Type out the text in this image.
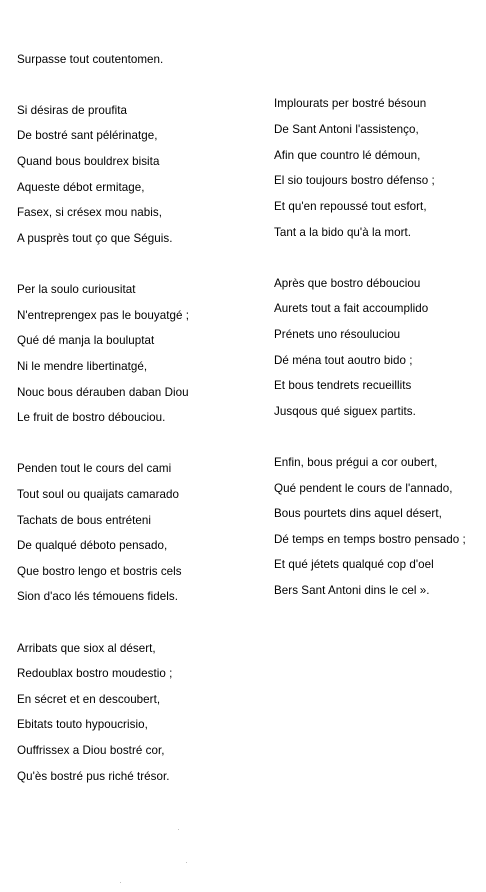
Surpasse tout coutentomen.
Si désiras de proufita
De bostré sant pélérinatge,
Quand bous bouldrex bisita
Aqueste débot ermitage,
Fasex, si crésex mou nabis,
A pusprès tout ço que Séguis.
Per la soulo curiousitat
N'entreprengex pas le bouyatgé ;
Qué dé manja la bouluptat
Ni le mendre libertinatgé,
Nouc bous dérauben daban Diou
Le fruit de bostro débouciou.
Penden tout le cours del cami
Tout soul ou quaijats camarado
Tachats de bous entréteni
De qualqué déboto pensado,
Que bostro lengo et bostris cels
Sion d'aco lés témouens fidels.
Arribats que siox al désert,
Redoublax bostro moudestio ;
En sécret et en descoubert,
Ebitats touto hypoucrisio,
Ouffrissex a Diou bostré cor,
Qu'ès bostré pus riché trésor.
Implourats per bostré bésoun
De Sant Antoni l'assistenço,
Afin que countro lé démoun,
El sio toujours bostro défenso ;
Et qu'en repoussé tout esfort,
Tant a la bido qu'à la mort.
Après que bostro débouciou
Aurets tout a fait accoumplido
Prénets uno résouluciou
Dé ména tout aoutro bido ;
Et bous tendrets recueillits
Jusqous qué siguex partits.
Enfin, bous prégui a cor oubert,
Qué pendent le cours de l'annado,
Bous pourtets dins aquel désert,
Dé temps en temps bostro pensado ;
Et qué jétets qualqué cop d'oel
Bers Sant Antoni dins le cel ».
